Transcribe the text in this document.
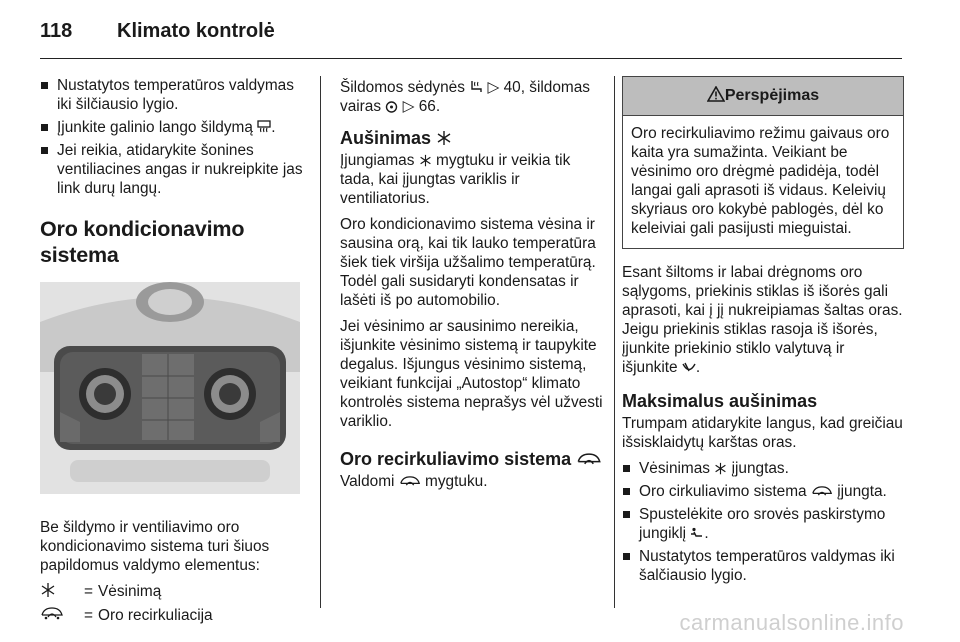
118 Klimato kontrolė
Nustatytos temperatūros valdymas iki šilčiausio lygio.
Įjunkite galinio lango šildymą .
Jei reikia, atidarykite šonines ventiliacines angas ir nukreipkite jas link durų langų.
Oro kondicionavimo sistema

Be šildymo ir ventiliavimo oro kondicionavimo sistema turi šiuos papildomus valdymo elementus:

= Vėsinimą
= Oro recirkuliacija

Šildomos sėdynės ▷ 40, šildomas vairas ▷ 66.

Aušinimas

Įjungiamas mygtuku ir veikia tik tada, kai įjungtas variklis ir ventiliatorius.

Oro kondicionavimo sistema vėsina ir sausina orą, kai tik lauko temperatūra šiek tiek viršija užšalimo temperatūrą. Todėl gali susidaryti kondensatas ir lašėti iš po automobilio.

Jei vėsinimo ar sausinimo nereikia, išjunkite vėsinimo sistemą ir taupykite degalus. Išjungus vėsinimo sistemą, veikiant funkcijai „Autostop“ klimato kontrolės sistema neprašys vėl užvesti variklio.

Oro recirkuliavimo sistema

Valdomi mygtuku.

Perspėjimas
Oro recirkuliavimo režimu gaivaus oro kaita yra sumažinta. Veikiant be vėsinimo oro drėgmė padidėja, todėl langai gali aprasoti iš vidaus. Keleivių skyriaus oro kokybė pablogės, dėl ko keleiviai gali pasijusti mieguistai.

Esant šiltoms ir labai drėgnoms oro sąlygoms, priekinis stiklas iš išorės gali aprasoti, kai į jį nukreipiamas šaltas oras. Jeigu priekinis stiklas rasoja iš išorės, įjunkite priekinio stiklo valytuvą ir išjunkite .

Maksimalus aušinimas

Trumpam atidarykite langus, kad greičiau išsisklaidytų karštas oras.

Vėsinimas įjungtas.
Oro cirkuliavimo sistema įjungta.
Spustelėkite oro srovės paskirstymo jungiklį .
Nustatytos temperatūros valdymas iki šalčiausio lygio.
carmanualsonline.info
